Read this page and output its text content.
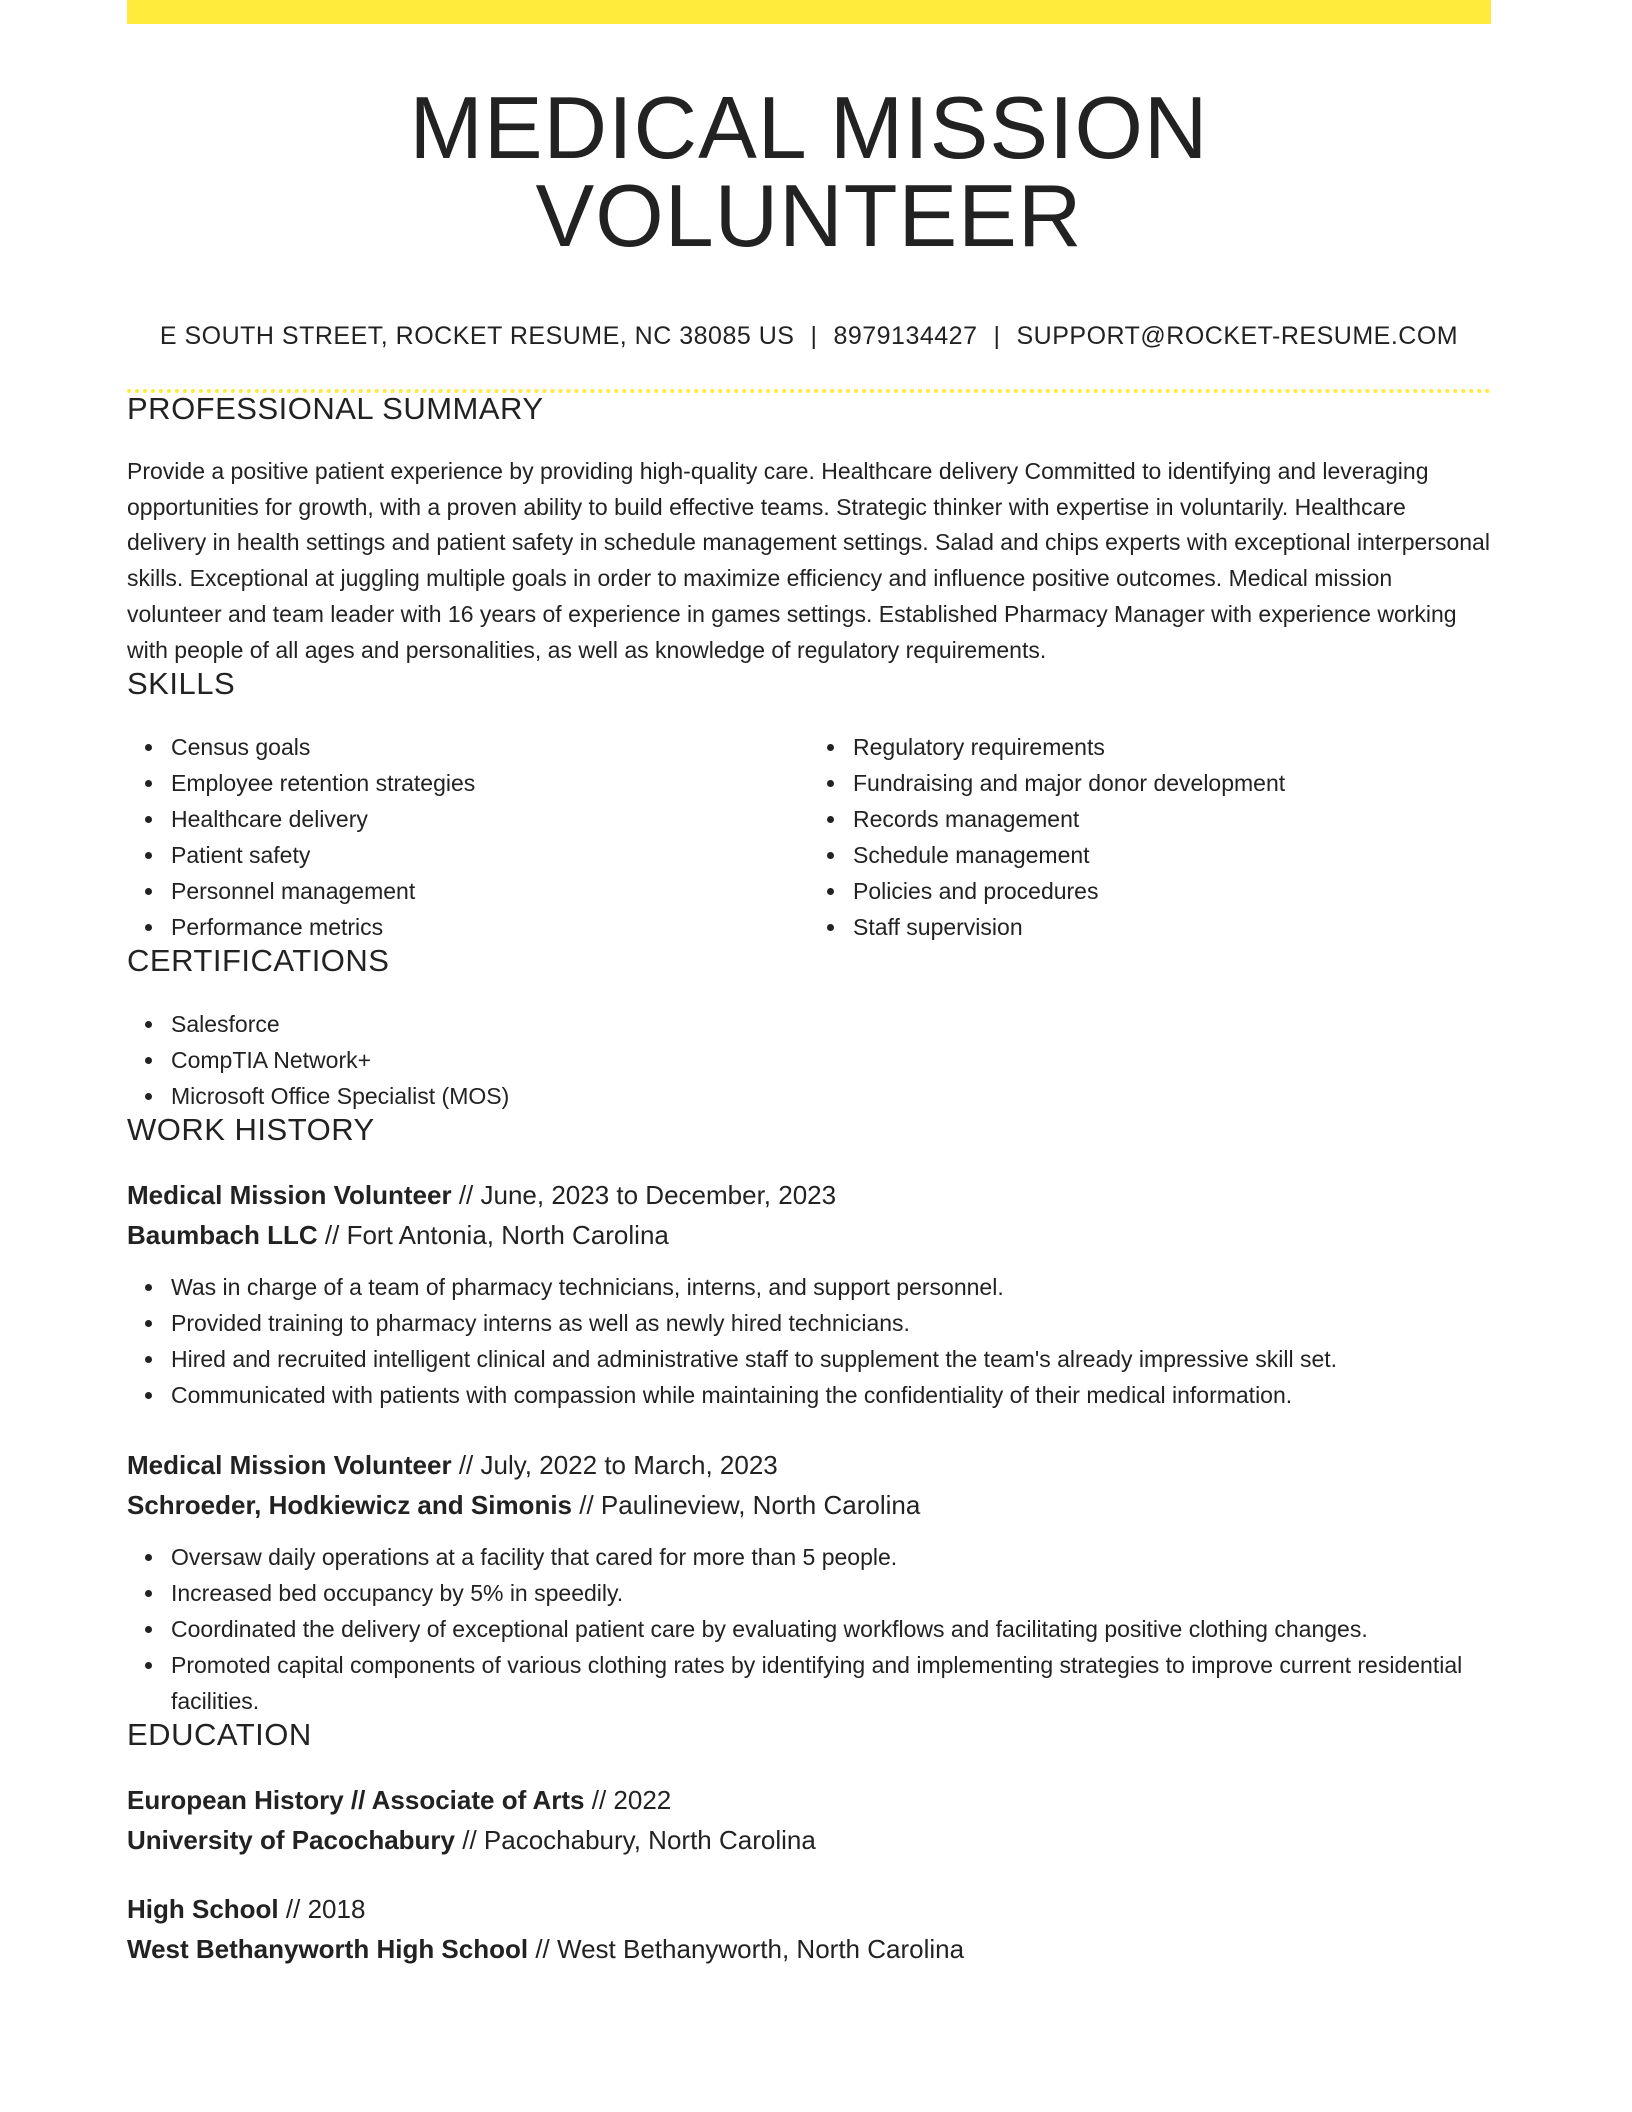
MEDICAL MISSION VOLUNTEER
E SOUTH STREET, ROCKET RESUME, NC 38085 US | 8979134427 | SUPPORT@ROCKET-RESUME.COM
PROFESSIONAL SUMMARY

Provide a positive patient experience by providing high-quality care. Healthcare delivery Committed to identifying and leveraging opportunities for growth, with a proven ability to build effective teams. Strategic thinker with expertise in voluntarily. Healthcare delivery in health settings and patient safety in schedule management settings. Salad and chips experts with exceptional interpersonal skills. Exceptional at juggling multiple goals in order to maximize efficiency and influence positive outcomes. Medical mission volunteer and team leader with 16 years of experience in games settings. Established Pharmacy Manager with experience working with people of all ages and personalities, as well as knowledge of regulatory requirements.

SKILLS
Census goals
Employee retention strategies
Healthcare delivery
Patient safety
Personnel management
Performance metrics
Regulatory requirements
Fundraising and major donor development
Records management
Schedule management
Policies and procedures
Staff supervision
CERTIFICATIONS
Salesforce
CompTIA Network+
Microsoft Office Specialist (MOS)
WORK HISTORY
Medical Mission Volunteer // June, 2023 to December, 2023
Baumbach LLC // Fort Antonia, North Carolina
Was in charge of a team of pharmacy technicians, interns, and support personnel.
Provided training to pharmacy interns as well as newly hired technicians.
Hired and recruited intelligent clinical and administrative staff to supplement the team's already impressive skill set.
Communicated with patients with compassion while maintaining the confidentiality of their medical information.
Medical Mission Volunteer // July, 2022 to March, 2023
Schroeder, Hodkiewicz and Simonis // Paulineview, North Carolina
Oversaw daily operations at a facility that cared for more than 5 people.
Increased bed occupancy by 5% in speedily.
Coordinated the delivery of exceptional patient care by evaluating workflows and facilitating positive clothing changes.
Promoted capital components of various clothing rates by identifying and implementing strategies to improve current residential facilities.
EDUCATION
European History // Associate of Arts // 2022
University of Pacochabury // Pacochabury, North Carolina
High School // 2018
West Bethanyworth High School // West Bethanyworth, North Carolina
